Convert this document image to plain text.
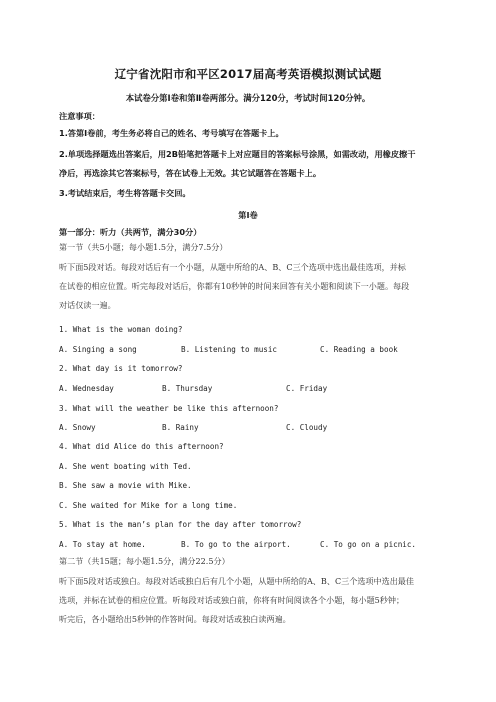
辽宁省沈阳市和平区2017届高考英语模拟测试试题
本试卷分第Ⅰ卷和第Ⅱ卷两部分。满分120分，考试时间120分钟。
注意事项：
1.答第Ⅰ卷前，考生务必将自己的姓名、考号填写在答题卡上。
2.单项选择题选出答案后，用2B铅笔把答题卡上对应题目的答案标号涂黑，如需改动，用橡皮擦干
净后，再选涂其它答案标号，答在试卷上无效。其它试题答在答题卡上。
3.考试结束后，考生将答题卡交回。
第Ⅰ卷
第一部分：听力（共两节，满分30分）
第一节（共5小题；每小题1.5分，满分7.5分）
听下面5段对话。每段对话后有一个小题，从题中所给的A、B、C三个选项中选出最佳选项，并标
在试卷的相应位置。听完每段对话后，你都有10秒钟的时间来回答有关小题和阅读下一小题。每段
对话仅读一遍。
1. What is the woman doing?
A. Singing a song	B. Listening to music	C. Reading a book
2. What day is it tomorrow?
A. Wednesday	B. Thursday	C. Friday
3. What will the weather be like this afternoon?
A. Snowy	B. Rainy	C. Cloudy
4. What did Alice do this afternoon?
A. She went boating with Ted.
B. She saw a movie with Mike.
C. She waited for Mike for a long time.
5. What is the man’s plan for the day after tomorrow?
A. To stay at home.	B. To go to the airport.	C. To go on a picnic.
第二节（共15题；每小题1.5分，满分22.5分）
听下面5段对话或独白。每段对话或独白后有几个小题，从题中所给的A、B、C三个选项中选出最佳
选项，并标在试卷的相应位置。听每段对话或独白前，你将有时间阅读各个小题，每小题5秒钟；
听完后，各小题给出5秒钟的作答时间。每段对话或独白读两遍。
